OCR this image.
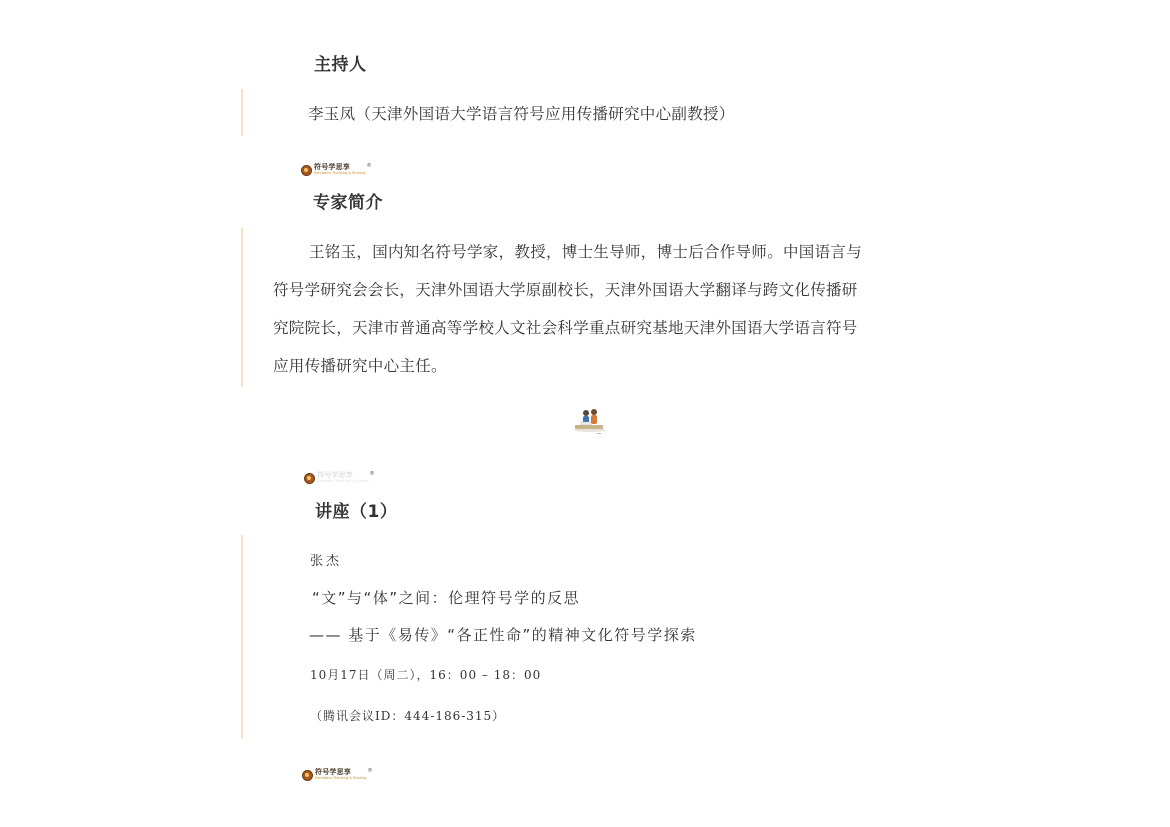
主持人
李玉凤（天津外国语大学语言符号应用传播研究中心副教授）
符号学思享
Semiotics Thinking & Sharing
®
专家简介
王铭玉，国内知名符号学家，教授，博士生导师，博士后合作导师。中国语言与
符号学研究会会长，天津外国语大学原副校长，天津外国语大学翻译与跨文化传播研
究院院长，天津市普通高等学校人文社会科学重点研究基地天津外国语大学语言符号
应用传播研究中心主任。
符号学思享
Semiotics Thinking & Sharing
®
讲座（1）
张杰
“文”与“体”之间：伦理符号学的反思
—— 基于《易传》“各正性命”的精神文化符号学探索
10月17日（周二），16：00 – 18：00
（腾讯会议ID：444-186-315）
符号学思享
Semiotics Thinking & Sharing
®
